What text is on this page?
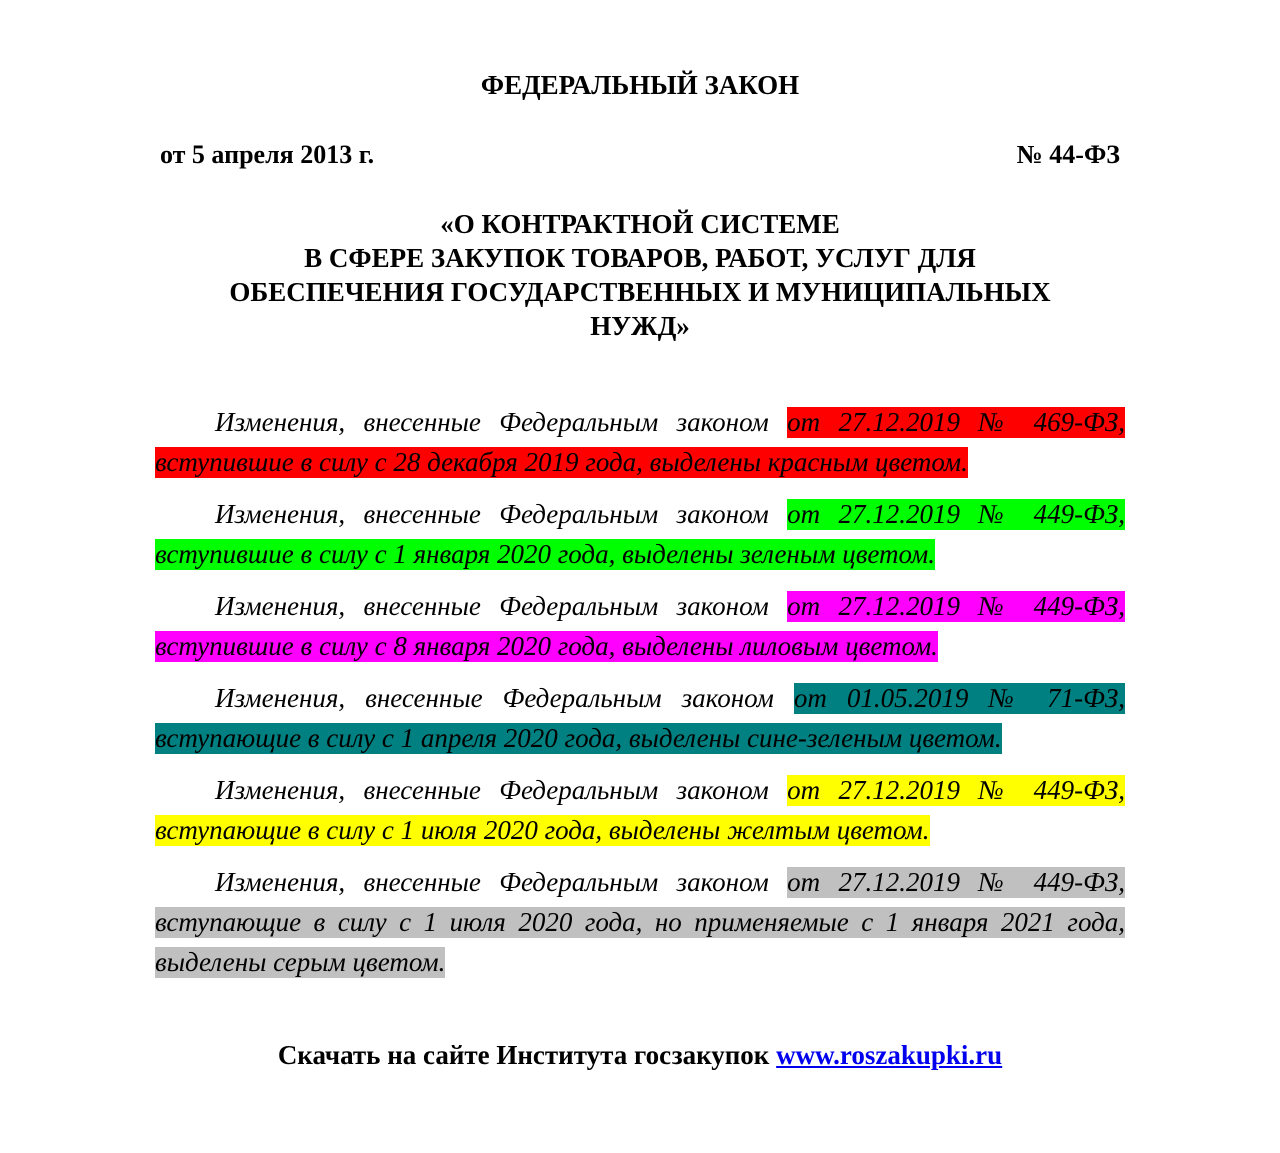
ФЕДЕРАЛЬНЫЙ ЗАКОН
от 5 апреля 2013 г.	№ 44-ФЗ
«О КОНТРАКТНОЙ СИСТЕМЕ
В СФЕРЕ ЗАКУПОК ТОВАРОВ, РАБОТ, УСЛУГ ДЛЯ
ОБЕСПЕЧЕНИЯ ГОСУДАРСТВЕННЫХ И МУНИЦИПАЛЬНЫХ
НУЖД»

Изменения, внесенные Федеральным законом от 27.12.2019 № 469-ФЗ, вступившие в силу с 28 декабря 2019 года, выделены красным цветом.

Изменения, внесенные Федеральным законом от 27.12.2019 № 449-ФЗ, вступившие в силу с 1 января 2020 года, выделены зеленым цветом.

Изменения, внесенные Федеральным законом от 27.12.2019 № 449-ФЗ, вступившие в силу с 8 января 2020 года, выделены лиловым цветом.

Изменения, внесенные Федеральным законом от 01.05.2019 № 71-ФЗ, вступающие в силу с 1 апреля 2020 года, выделены сине-зеленым цветом.

Изменения, внесенные Федеральным законом от 27.12.2019 № 449-ФЗ, вступающие в силу с 1 июля 2020 года, выделены желтым цветом.

Изменения, внесенные Федеральным законом от 27.12.2019 № 449-ФЗ, вступающие в силу с 1 июля 2020 года, но применяемые с 1 января 2021 года, выделены серым цветом.

Скачать на сайте Института госзакупок www.roszakupki.ru
